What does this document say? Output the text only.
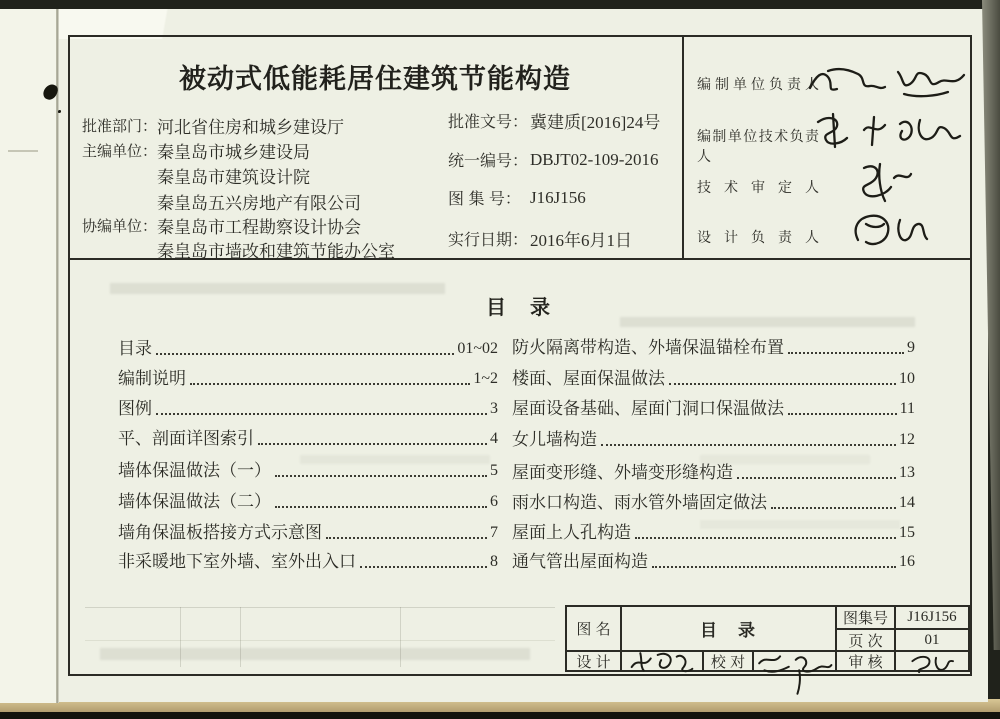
被动式低能耗居住建筑节能构造
批准部门： 河北省住房和城乡建设厅
主编单位： 秦皇岛市城乡建设局
秦皇岛市建筑设计院
秦皇岛五兴房地产有限公司
协编单位： 秦皇岛市工程勘察设计协会
秦皇岛市墙改和建筑节能办公室
批准文号： 冀建质[2016]24号
统一编号： DBJT02-109-2016
图 集 号： J16J156
实行日期： 2016年6月1日
编 制 单 位 负 责 人
编制单位技术负责人
技 术 审 定 人
设 计 负 责 人
目　录
目录	01~02
编制说明	1~2
图例	3
平、剖面详图索引	4
墙体保温做法（一）	5
墙体保温做法（二）	6
墙角保温板搭接方式示意图	7
非采暖地下室外墙、室外出入口	8
防火隔离带构造、外墙保温锚栓布置	9
楼面、屋面保温做法	10
屋面设备基础、屋面门洞口保温做法	11
女儿墙构造	12
屋面变形缝、外墙变形缝构造	13
雨水口构造、雨水管外墙固定做法	14
屋面上人孔构造	15
通气管出屋面构造	16
图 名	目　录
图集号	J16J156
页 次	01
设 计	校 对	审 核
